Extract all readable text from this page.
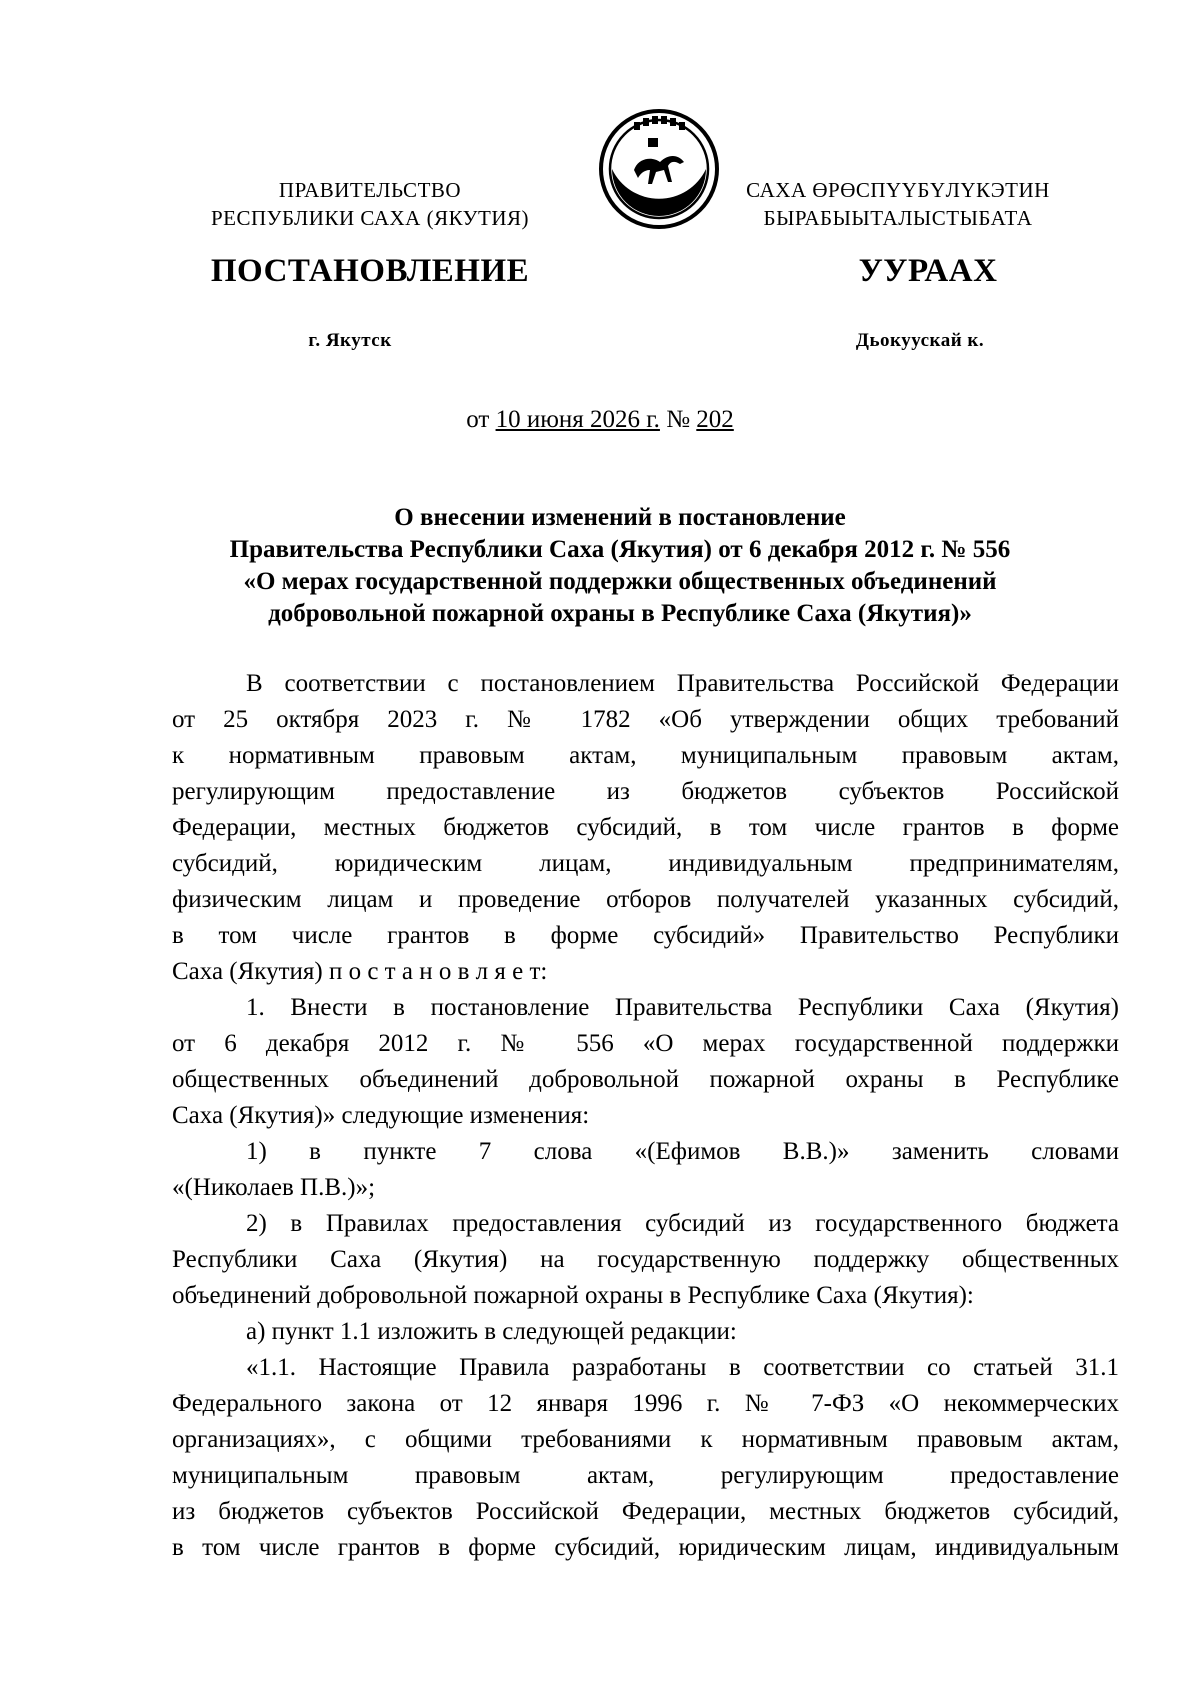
ПРАВИТЕЛЬСТВО
РЕСПУБЛИКИ САХА (ЯКУТИЯ)
САХА ӨРӨСПҮҮБҮЛҮКЭТИН
БЫРАБЫЫТАЛЫСТЫБАТА
ПОСТАНОВЛЕНИЕ	УУРААХ
г. Якутск	Дьокуускай к.
от 10 июня 2026 г. № 202
О внесении изменений в постановление
Правительства Республики Саха (Якутия) от 6 декабря 2012 г. № 556
«О мерах государственной поддержки общественных объединений
добровольной пожарной охраны в Республике Саха (Якутия)»
В соответствии с постановлением Правительства Российской Федерации
от 25 октября 2023 г. № 1782 «Об утверждении общих требований
к нормативным правовым актам, муниципальным правовым актам,
регулирующим предоставление из бюджетов субъектов Российской
Федерации, местных бюджетов субсидий, в том числе грантов в форме
субсидий, юридическим лицам, индивидуальным предпринимателям,
физическим лицам и проведение отборов получателей указанных субсидий,
в том числе грантов в форме субсидий» Правительство Республики
Саха (Якутия) п о с т а н о в л я е т:
1. Внести в постановление Правительства Республики Саха (Якутия)
от 6 декабря 2012 г. № 556 «О мерах государственной поддержки
общественных объединений добровольной пожарной охраны в Республике
Саха (Якутия)» следующие изменения:
1) в пункте 7 слова «(Ефимов В.В.)» заменить словами
«(Николаев П.В.)»;
2) в Правилах предоставления субсидий из государственного бюджета
Республики Саха (Якутия) на государственную поддержку общественных
объединений добровольной пожарной охраны в Республике Саха (Якутия):
а) пункт 1.1 изложить в следующей редакции:
«1.1. Настоящие Правила разработаны в соответствии со статьей 31.1
Федерального закона от 12 января 1996 г. № 7-ФЗ «О некоммерческих
организациях», с общими требованиями к нормативным правовым актам,
муниципальным правовым актам, регулирующим предоставление
из бюджетов субъектов Российской Федерации, местных бюджетов субсидий,
в том числе грантов в форме субсидий, юридическим лицам, индивидуальным
